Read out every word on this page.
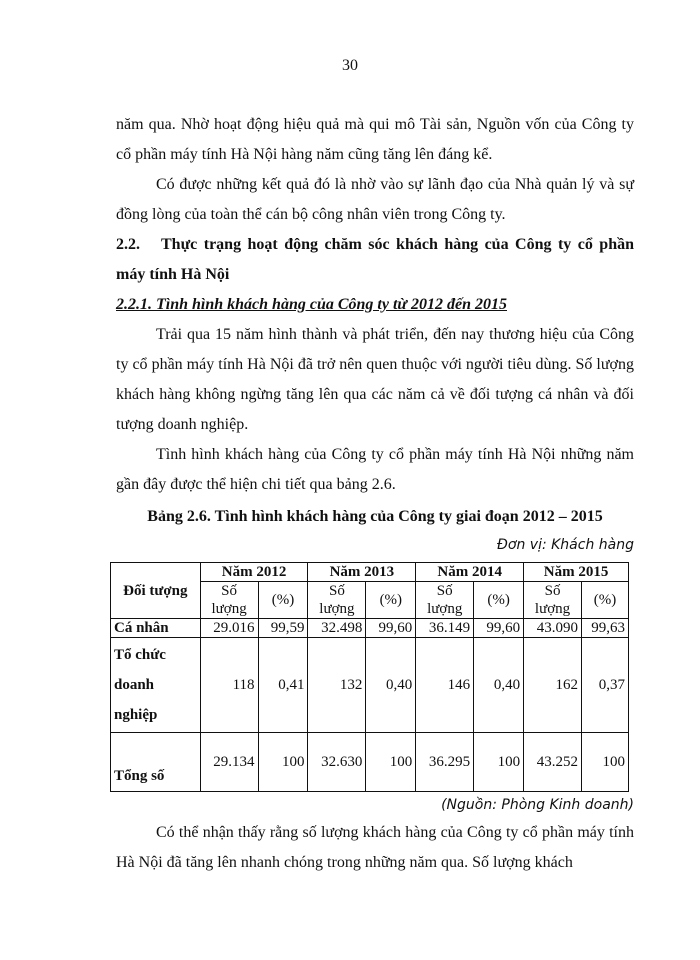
30

năm qua. Nhờ hoạt động hiệu quả mà qui mô Tài sản, Nguồn vốn của Công ty cổ phần máy tính Hà Nội hàng năm cũng tăng lên đáng kể.

Có được những kết quả đó là nhờ vào sự lãnh đạo của Nhà quản lý và sự đồng lòng của toàn thể cán bộ công nhân viên trong Công ty.

2.2. Thực trạng hoạt động chăm sóc khách hàng của Công ty cổ phần máy tính Hà Nội

2.2.1. Tình hình khách hàng của Công ty từ 2012 đến 2015

Trải qua 15 năm hình thành và phát triển, đến nay thương hiệu của Công ty cổ phần máy tính Hà Nội đã trở nên quen thuộc với người tiêu dùng. Số lượng khách hàng không ngừng tăng lên qua các năm cả về đối tượng cá nhân và đối tượng doanh nghiệp.

Tình hình khách hàng của Công ty cổ phần máy tính Hà Nội những năm gần đây được thể hiện chi tiết qua bảng 2.6.

Bảng 2.6. Tình hình khách hàng của Công ty giai đoạn 2012 – 2015

Đơn vị: Khách hàng

Đối tượng	Năm 2012		Năm 2013		Năm 2014		Năm 2015	
	Số lượng	(%)	Số lượng	(%)	Số lượng	(%)	Số lượng	(%)
Cá nhân	29.016	99,59	32.498	99,60	36.149	99,60	43.090	99,63
Tổ chức doanh nghiệp	118	0,41	132	0,40	146	0,40	162	0,37
Tổng số	29.134	100	32.630	100	36.295	100	43.252	100

(Nguồn: Phòng Kinh doanh)

Có thể nhận thấy rằng số lượng khách hàng của Công ty cổ phần máy tính Hà Nội đã tăng lên nhanh chóng trong những năm qua. Số lượng khách
